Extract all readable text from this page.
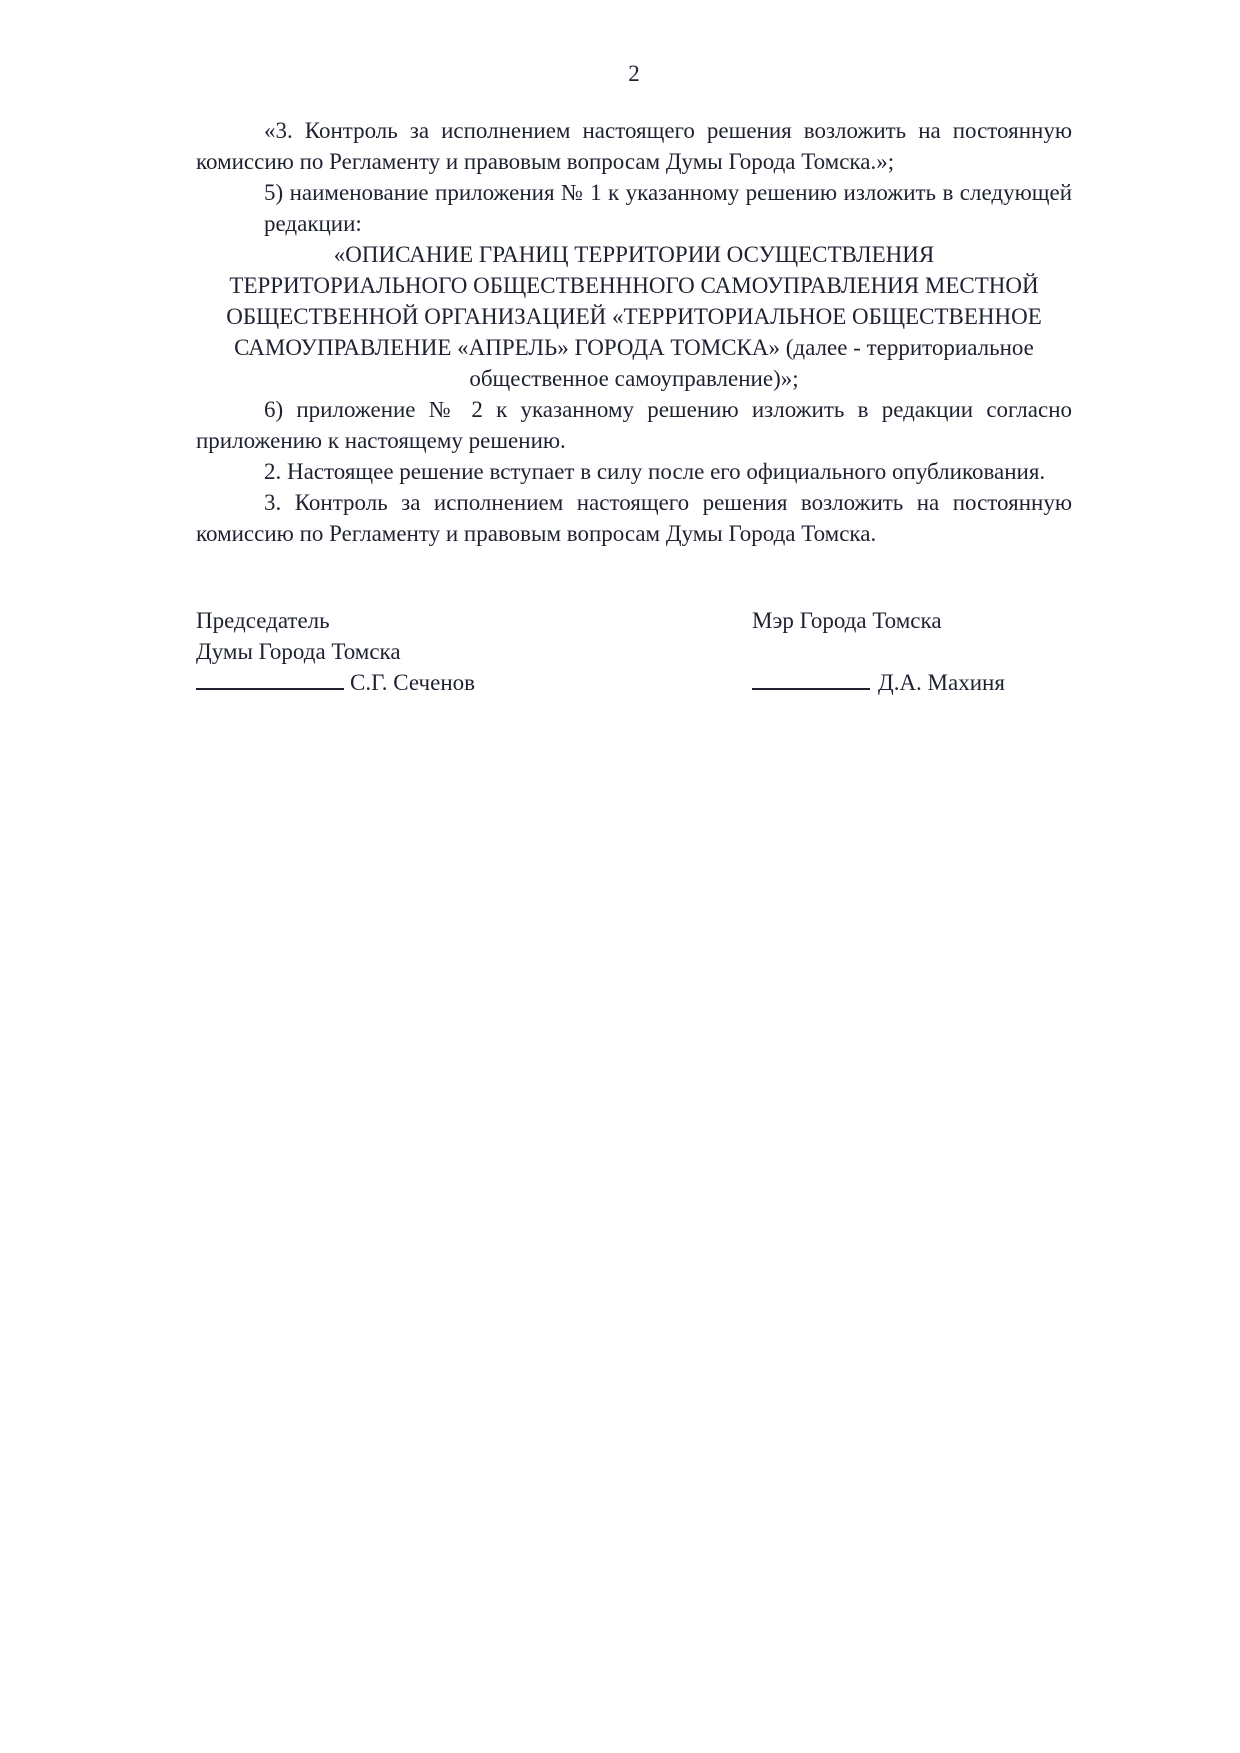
2

«3. Контроль за исполнением настоящего решения возложить на постоянную комиссию по Регламенту и правовым вопросам Думы Города Томска.»;

5) наименование приложения № 1 к указанному решению изложить в следующей редакции:

«ОПИСАНИЕ ГРАНИЦ ТЕРРИТОРИИ ОСУЩЕСТВЛЕНИЯ
ТЕРРИТОРИАЛЬНОГО ОБЩЕСТВЕНННОГО САМОУПРАВЛЕНИЯ МЕСТНОЙ
ОБЩЕСТВЕННОЙ ОРГАНИЗАЦИЕЙ «ТЕРРИТОРИАЛЬНОЕ ОБЩЕСТВЕННОЕ
САМОУПРАВЛЕНИЕ «АПРЕЛЬ» ГОРОДА ТОМСКА» (далее - территориальное
общественное самоуправление)»;

6) приложение № 2 к указанному решению изложить в редакции согласно приложению к настоящему решению.

2. Настоящее решение вступает в силу после его официального опубликования.

3. Контроль за исполнением настоящего решения возложить на постоянную комиссию по Регламенту и правовым вопросам Думы Города Томска.

Председатель
Думы Города Томска
С.Г. Сеченов
Мэр Города Томска
Д.А. Махиня
